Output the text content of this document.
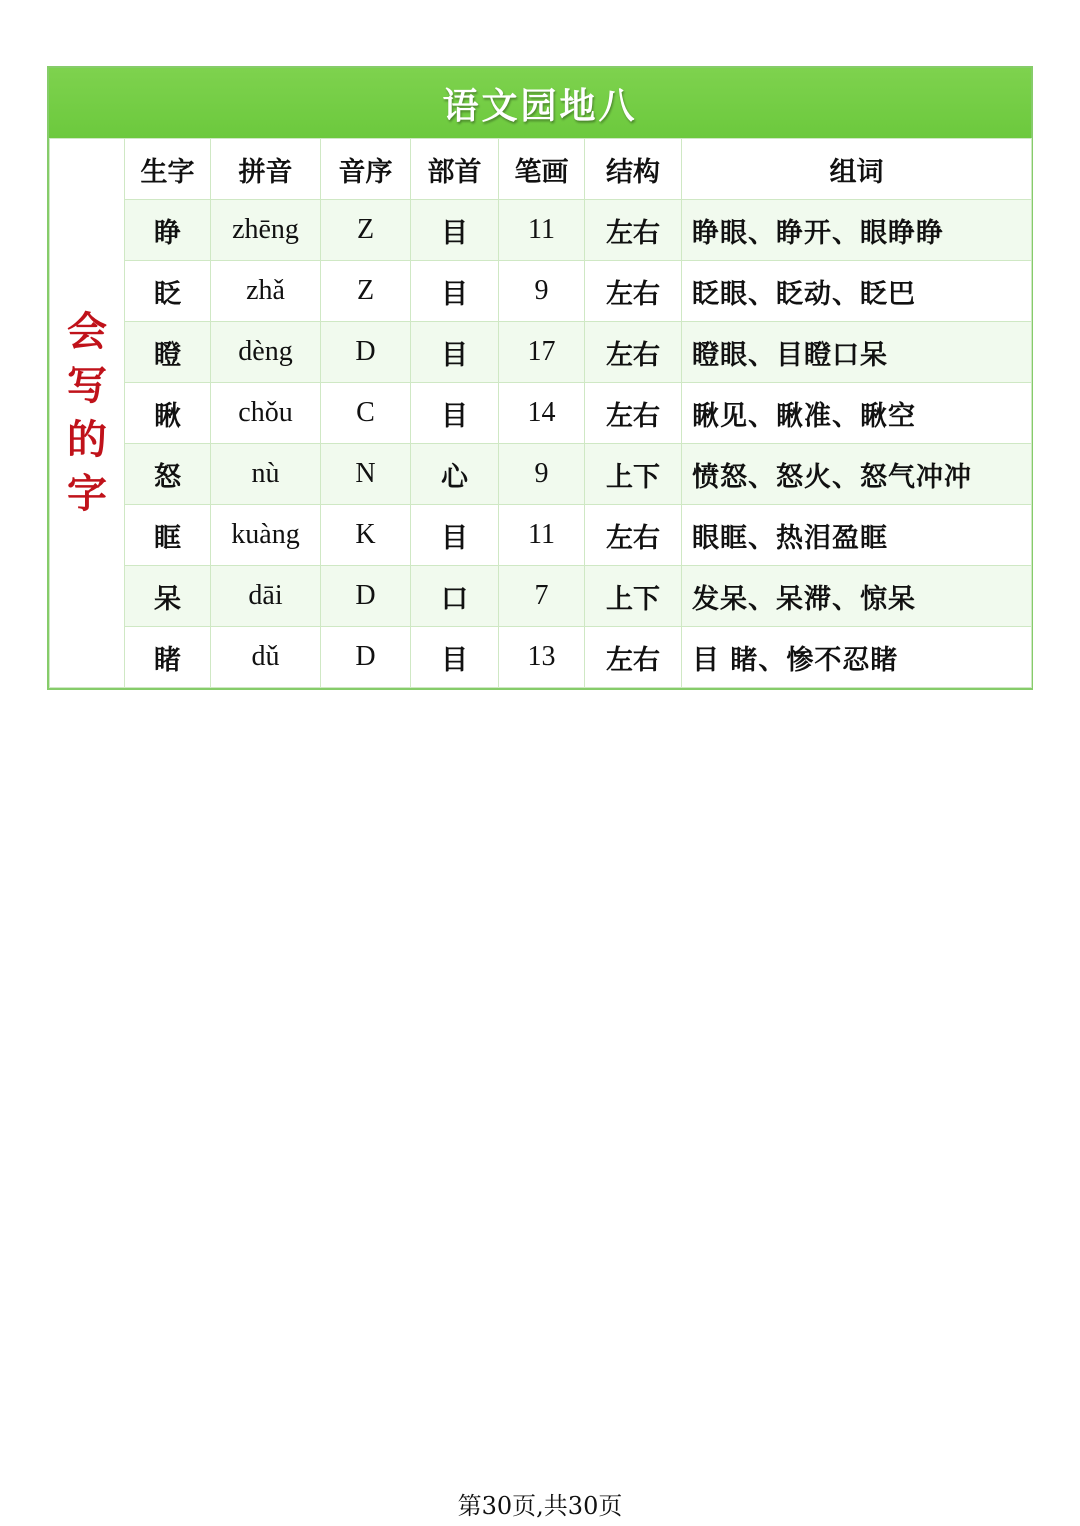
语文园地八
会
写
的
字	生字	拼音	音序	部首	笔画	结构	组词
	睁	zhēng	Z	目	11	左右	睁眼、睁开、眼睁睁
	眨	zhǎ	Z	目	9	左右	眨眼、眨动、眨巴
	瞪	dèng	D	目	17	左右	瞪眼、目瞪口呆
	瞅	chǒu	C	目	14	左右	瞅见、瞅准、瞅空
	怒	nù	N	心	9	上下	愤怒、怒火、怒气冲冲
	眶	kuàng	K	目	11	左右	眼眶、热泪盈眶
	呆	dāi	D	口	7	上下	发呆、呆滞、惊呆
	睹	dǔ	D	目	13	左右	目 睹、惨不忍睹
第30页,共30页
